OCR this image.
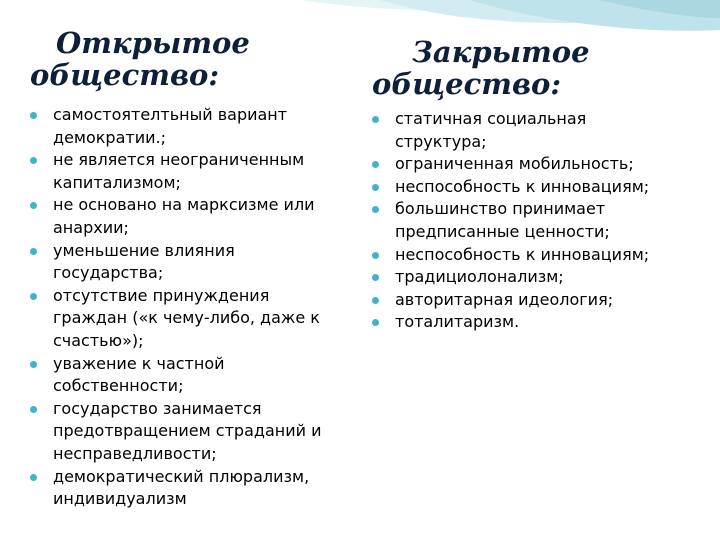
Открытое
общество:
самостоятелтьный вариант демократии.;
не является неограниченным капитализмом;
не основано на марксизме или анархии;
уменьшение влияния государства;
отсутствие принуждения граждан («к чему-либо, даже к счастью»);
уважение к частной собственности;
государство занимается предотвращением страданий и несправедливости;
демократический плюрализм, индивидуализм
Закрытое
общество:
статичная социальная структура;
ограниченная мобильность;
неспособность к инновациям;
большинство принимает предписанные ценности;
неспособность к инновациям;
традициолонализм;
авторитарная идеология;
тоталитаризм.
